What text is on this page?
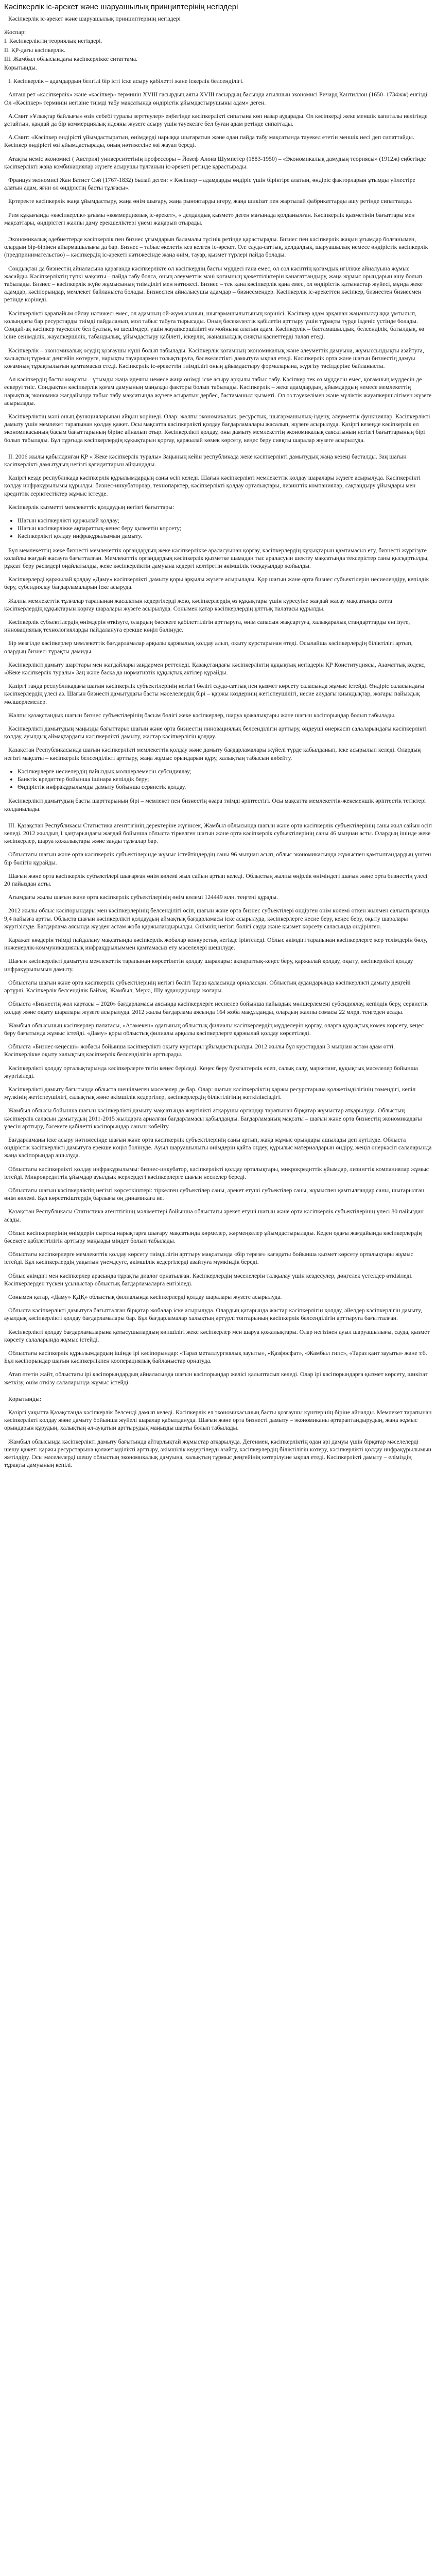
Кәсіпкерлік іс-әрекет және шаруашылық принциптерінің негіздері
Кәсіпкерлік іс-әрекет және шаруашылық принциптерінің негіздері
Жоспар:
I. Кәсіпкерліктің теориялық негіздері.
II. ҚР-дағы кәсіпкерлік.
III. Жамбыл облысындағы кәсіпкерлікке ситаттама.
Қорытынды.
I. Кәсіпкерлік – адамдардың белгілі бір істі іске асыру қабілетті және іскерлік белсенділігі.
Алғаш рет «кәсіпкерлік» және «кәсіпкер» терминін XVIII ғасырдың аяғы XVIII ғасырдың басында ағылшын экономисі Ричард Кантиллон (1650–1734жж) енгізді. Ол «Кәсіпкер» терминін негізіне тиімді табу мақсатында өндірістік ұйымдастырушыны адам» деген.
А.Смит «Ұлықтар байлығы» өзін себебі туралы зерттеулер» еңбегінде кәсіпкерлікті сипатына көп назар аударады. Ол кәсіпкерді жеке меншік капиталы иелігінде ұстайтын, қандай да бір коммерциялық идеяны жүзеге асыру үшін тәуекелге бел буған адам ретінде сипаттады.
А.Смит: «Кәсіпкер өндірісті ұйымдастыратын, өнімдерді нарыққа шығаратын және одан пайда табу мақсатында тәуекел ететін меншік иесі деп сипаттайды. Кәсіпкер өндірісті өзі ұйымдастырады, оның нәтижесіне өзі жауап береді.
Атақты неміс экономисі ( Австрия) университетінің профессоры – Йозеф Алоиз Шумпетер (1883-1950) – «Экономикалық дамудың теориясы» (1912ж) еңбегінде кәсіпкерлікті жаңа комбинациялар жүзеге асырушы тұлғаның іс-әрекеті ретінде қарастырады.
Француз экономисі Жан Батист Сэй (1767-1832) былай деген: « Кәсіпкер – адамдарды өндіріс үшін біріктіре алатын, өндіріс факторларын ұтымды үйлестіре алатын адам, яғни ол өндірістің басты тұлғасы».
Ертеректе кәсіпкерлік жаңа ұйымдастыру, жаңа өнім шығару, жаңа рыноктарды игеру, жаңа шикізат пен жартылай фабрикаттарды ашу ретінде сипатталды.
Рим құқығында «кәсіпкерлік» ұғымы «коммерциялық іс-әрекет», « делдалдық қызмет» деген мағынада қолданылған. Кәсіпкерлік қызметінің бағыттары мен мақсаттары, өндірістегі жалпы даму ерекшеліктері үнемі жаңарып отырады.
Экономикалық әдебиеттерде кәсіпкерлік пен бизнес ұғымдарын баламалы түсінік ретінде қарастырады. Бизнес пен кәсіпкерлік жақын ұғымдар болғанымен, олардың бір-бірінен айырмашылығы да бар. Бизнес – табыс әкелетін кез келген іс-әрекет. Ол: сауда-саттық, делдалдық, шаруашылық немесе өндірістік кәсіпкерлік (предпринимательство) – кәсіпкердің іс-әрекеті нәтижесінде жаңа өнім, тауар, қызмет түрлері пайда болады.
Сондықтан да бизнестің айналасына қарағанда кәсіпкерлікте ол кәсіпкердің басты мүддесі ғана емес, ол сол кәсіптің қоғамдық игілікке айналуына жұмыс жасайды. Кәсіпкерліктің түпкі мақсаты – пайда табу болса, оның әлеуметтік мәні қоғамның қажеттіліктерін қанағаттандыру, жаңа жұмыс орындарын ашу болып табылады. Бизнес – кәсіпкерлік жүйе жұмысының тиімділігі мен нәтижесі. Бизнес – тек қана кәсіпкерлік қана емес, ол өндірістік қатынастар жүйесі, мұнда жеке адамдар, кәсіпорындар, мемлекет байланыста болады. Бизнеспен айналысушы адамдар – бизнесмендер. Кәсіпкерлік іс-әрекеттен кәсіпкер, бизнестен бизнесмен ретінде көрінеді.
Кәсіпкерлікті қарапайым ойлау нәтижесі емес, ол адамның ой-жұмысының, шығармашылығының көрінісі. Кәсіпкер адам әрқашан жаңашылдыққа ұмтылып, қолындағы бар ресурстарды тиімді пайдаланып, мол табыс табуға тырысады. Оның бәсекелестік қабілетін арттыру үшін тұрақты түрде ізденіс үстінде болады. Сондай-ақ кәсіпкер тәуекелге бел буатын, өз шешімдері үшін жауапкершілікті өз мойнына алатын адам. Кәсіпкерлік – бастамашылдық, белсенділік, батылдық, өз ісіне сенімділік, жауапкершілік, табандылық, ұйымдастыру қабілеті, іскерлік, жаңашылдық сияқты қасиеттерді талап етеді.
Кәсіпкерлік – экономикалық өсудің қозғаушы күші болып табылады. Кәсіпкерлік қоғамның экономикалық және әлеуметтік дамуына, жұмыссыздықты азайтуға, халықтың тұрмыс деңгейін көтеруге, нарықты тауарлармен толықтыруға, бәсекелестікті дамытуға ықпал етеді. Кәсіпкерлік орта және шағын бизнестің дамуы қоғамның тұрақтылығын қамтамасыз етеді. Кәсіпкерлік іс-әрекеттің тиімділігі оның ұйымдастыру формаларына, жүргізу тәсілдеріне байланысты.
Ал кәсіпкердің басты мақсаты – ұтымды жаңа идеяны немесе жаңа өнімді іске асыру арқылы табыс табу. Кәсіпкер тек өз мүддесін емес, қоғамның мүддесін де ескеруі тиіс. Сондықтан кәсіпкерлік қоғам дамуының маңызды факторы болып табылады. Кәсіпкерлік – жеке адамдардың, ұйымдардың немесе мемлекеттің нарықтық экономика жағдайында табыс табу мақсатында жүзеге асыратын дербес, бастамашыл қызметі. Ол өз тәуекелімен және мүліктік жауапкершілігімен жүзеге асырылады.
Кәсіпкерліктің мәні оның функцияларынан айқын көрінеді. Олар: жалпы экономикалық, ресурстық, шығармашылық-іздену, әлеуметтік функциялар. Кәсіпкерлікті дамыту үшін мемлекет тарапынан қолдау қажет. Осы мақсатта кәсіпкерлікті қолдау бағдарламалары жасалып, жүзеге асырылуда. Қазіргі кезеңде кәсіпкерлік ел экономикасының басым бағыттарының біріне айналып отыр. Кәсіпкерлікті қолдау, оны дамыту мемлекеттің экономикалық саясатының негізгі бағыттарының бірі болып табылады. Бұл тұрғыда кәсіпкерлердің құқықтарын қорғау, қаржылай көмек көрсету, кеңес беру сияқты шаралар жүзеге асырылуда.
II. 2006 жылы қабылданған ҚР « Жеке кәсіпкерлік туралы» Заңының кейін республикада жеке кәсіпкерлікті дамытудың жаңа кезеңі басталды. Заң шағын кәсіпкерлікті дамытудың негізгі қағидаттарын айқындады.
Қазіргі кезде республикада кәсіпкерлік құрылымдардың саны өсіп келеді. Шағын кәсіпкерлікті мемлекеттік қолдау шаралары жүзеге асырылуда. Кәсіпкерлікті қолдау инфрақұрылымы құрылды: бизнес-инкубаторлар, технопарктер, кәсіпкерлікті қолдау орталықтары, лизингтік компаниялар, сақтандыру ұйымдары мен кредиттік серіктестіктер жұмыс істеуде.
Кәсіпкерлік қызметті мемлекеттік қолдаудың негізгі бағыттары:
• Шағын кәсіпкерлікті қаржылай қолдау;
• Шағын кәсіпкерлікке ақпараттық-кеңес беру қызметін көрсету;
• Кәсіпкерлікті қолдау инфрақұрылымын дамыту.
Бұл мемлекеттің жеке бизнесті мемлекеттік органдардың жеке кәсіпкерлікке араласуынан қорғау, кәсіпкерлердің құқықтарын қамтамасыз ету, бизнесті жүргізуге қолайлы жағдай жасауға бағытталған. Мемлекеттік органдардың кәсіпкерлік қызметке шамадан тыс араласуын шектеу мақсатында тексерістер саны қысқартылды, рұқсат беру рәсімдері оңайлатылды, жеке кәсіпкерліктің дамуына кедергі келтіретін әкімшілік тосқауылдар жойылды.
Кәсіпкерлерді қаржылай қолдау «Даму» кәсіпкерлікті дамыту қоры арқылы жүзеге асырылады. Қор шағын және орта бизнес субъектілерін несиелендіру, кепілдік беру, субсидиялау бағдарламаларын іске асыруда.
Жалпы мемлекеттік тұлғалар тарапынан жасалатын кедергілерді жою, кәсіпкерлердің өз құқықтары үшін күресуіне жағдай жасау мақсатында сотта кәсіпкерлердің құқықтарын қорғау шаралары жүзеге асырылуда. Сонымен қатар кәсіпкерлердің ұлттық палатасы құрылды.
Кәсіпкерлік субъектілердің өнімдерін өткізуге, олардың бәсекеге қабілеттілігін арттыруға, өнім сапасын жақсартуға, халықаралық стандарттарды енгізуге, инновациялық технологияларды пайдалануға ерекше көңіл бөлінуде.
Бір мезгілде кәсіпкерлер мемлекеттік бағдарламалар арқылы қаржылық қолдау алып, оқыту курстарынан өтеді. Осылайша кәсіпкерлердің біліктілігі артып, олардың бизнесі тұрақты дамиды.
Кәсіпкерлікті дамыту шарттары мен жағдайлары заңдармен реттеледі. Қазақстандағы кәсіпкерліктің құқықтық негіздерін ҚР Конституциясы, Азаматтық кодекс, «Жеке кәсіпкерлік туралы» Заң және басқа да нормативтік құқықтық актілер құрайды.
Қазіргі таңда республикадағы шағын кәсіпкерлік субъектілерінің негізгі бөлігі сауда-саттық пен қызмет көрсету саласында жұмыс істейді. Өндіріс саласындағы кәсіпкерлердің үлесі аз. Шағын бизнесті дамытудағы басты мәселелердің бірі – қаржы көздерінің жетіспеушілігі, несие алудағы қиындықтар, жоғары пайыздық мөлшерлемелер.
Жалпы қазақстандық шағын бизнес субъектілерінің басым бөлігі жеке кәсіпкерлер, шаруа қожалықтары және шағын кәсіпорындар болып табылады.
Кәсіпкерлікті дамытудың маңызды бағыттары: шағын және орта бизнестің инновациялық белсенділігін арттыру, өңдеуші өнеркәсіп салаларындағы кәсіпкерлікті қолдау, ауылдық аймақтардағы кәсіпкерлікті дамыту, жастар кәсіпкерлігін қолдау.
Қазақстан Республикасында шағын кәсіпкерлікті мемлекеттік қолдау және дамыту бағдарламалары жүйелі түрде қабылданып, іске асырылып келеді. Олардың негізгі мақсаты – кәсіпкерлік белсенділікті арттыру, жаңа жұмыс орындарын құру, халықтың табысын көбейту.
• Кәсіпкерлерге несиелердің пайыздық мөлшерлемесін субсидиялау;
• Банктік кредиттер бойынша ішінара кепілдік беру;
• Өндірістік инфрақұрылымды дамыту бойынша сервистік қолдау.
Кәсіпкерлікті дамытудың басты шарттарының бірі – мемлекет пен бизнестің өзара тиімді әріптестігі. Осы мақсатта мемлекеттік-жекеменшік әріптестік тетіктері қолданылады.
III. Қазақстан Республикасы Статистика агенттігінің деректеріне жүгінсек, Жамбыл облысында шағын және орта кәсіпкерлік субъектілерінің саны жыл сайын өсіп келеді. 2012 жылдың 1 қаңтарындағы жағдай бойынша облыста тіркелген шағын және орта кәсіпкерлік субъектілерінің саны 46 мыңнан асты. Олардың ішінде жеке кәсіпкерлер, шаруа қожалықтары және заңды тұлғалар бар.
Облыстағы шағын және орта кәсіпкерлік субъектілерінде жұмыс істейтіндердің саны 96 мыңнан асып, облыс экономикасында жұмыспен қамтылғандардың үштен бір бөлігін құрайды.
Шағын және орта кәсіпкерлік субъектілері шығарған өнім көлемі жыл сайын артып келеді. Облыстың жалпы өңірлік өніміндегі шағын және орта бизнестің үлесі 20 пайыздан асты.
Ағымдағы жылы шағын және орта кәсіпкерлік субъектілерінің өнім көлемі 124449 млн. теңгені құрады.
2012 жылы облыс кәсіпорындары мен кәсіпкерлерінің белсенділігі өсіп, шағын және орта бизнес субъектілері өндірген өнім көлемі өткен жылмен салыстырғанда 9,4 пайызға артты. Облыста шағын кәсіпкерлікті қолдаудың аймақтық бағдарламасы іске асырылуда, кәсіпкерлерге несие беру, кеңес беру, оқыту шаралары жүргізілуде. Бағдарлама аясында жүзден астам жоба қаржыландырылды. Өнімнің негізгі бөлігі сауда және қызмет көрсету саласында өндірілген.
Қаражат көздерін тиімді пайдалану мақсатында кәсіпкерлік жобалар конкурстық негізде іріктеледі. Облыс әкімдігі тарапынан кәсіпкерлерге жер телімдерін бөлу, инженерлік-коммуникациялық инфрақұрылыммен қамтамасыз ету мәселелері шешілуде.
Шағын кәсіпкерлікті дамытуға мемлекеттік тарапынан көрсетілетін қолдау шаралары: ақпараттық-кеңес беру, қаржылай қолдау, оқыту, кәсіпкерлікті қолдау инфрақұрылымын дамыту.
Облыстағы шағын және орта кәсіпкерлік субъектілерінің негізгі бөлігі Тараз қаласында орналасқан. Облыстың аудандарында кәсіпкерлікті дамыту деңгейі әртүрлі. Кәсіпкерлік белсенділік Байзақ, Жамбыл, Меркі, Шу аудандарында жоғары.
Облыста «Бизнестің жол картасы – 2020» бағдарламасы аясында кәсіпкерлерге несиелер бойынша пайыздық мөлшерлемені субсидиялау, кепілдік беру, сервистік қолдау және оқыту шаралары жүзеге асырылуда. 2012 жылы бағдарлама аясында 164 жоба мақұлданды, олардың жалпы сомасы 22 млрд. теңгеден асады.
Жамбыл облысының кәсіпкерлер палатасы, «Атамекен» одағының облыстық филиалы кәсіпкерлердің мүдделерін қорғау, оларға құқықтық көмек көрсету, кеңес беру бағытында жұмыс істейді. «Даму» қоры облыстық филиалы арқылы кәсіпкерлерге қаржылай қолдау көрсетіледі.
Облыста «Бизнес-кеңесші» жобасы бойынша кәсіпкерлікті оқыту курстары ұйымдастырылды. 2012 жылы бұл курстардан 3 мыңнан астам адам өтті. Кәсіпкерлікке оқыту халықтың кәсіпкерлік белсенділігін арттырады.
Кәсіпкерлікті қолдау орталықтарында кәсіпкерлерге тегін кеңес беріледі. Кеңес беру бухгалтерлік есеп, салық салу, маркетинг, құқықтық мәселелер бойынша жүргізіледі.
Кәсіпкерлікті дамыту бағытында облыста шешілмеген мәселелер де бар. Олар: шағын кәсіпкерліктің қаржы ресурстарына қолжетімділігінің төмендігі, кепіл мүлкінің жетіспеушілігі, салықтық және әкімшілік кедергілер, кәсіпкерлердің біліктілігінің жеткіліксіздігі.
Жамбыл облысы бойынша шағын кәсіпкерлікті дамыту мақсатында жергілікті атқарушы органдар тарапынан бірқатар жұмыстар атқарылуда. Облыстың кәсіпкерлік саласын дамытудың 2011-2015 жылдарға арналған бағдарламасы қабылданды. Бағдарламаның мақсаты – шағын және орта бизнестің экономикадағы үлесін арттыру, бәсекеге қабілетті кәсіпорындар санын көбейту.
Бағдарламаны іске асыру нәтижесінде шағын және орта кәсіпкерлік субъектілерінің саны артып, жаңа жұмыс орындары ашылады деп күтілуде. Облыста өндірістік кәсіпкерлікті дамытуға ерекше көңіл бөлінуде. Ауыл шаруашылығы өнімдерін қайта өңдеу, құрылыс материалдарын өндіру, жеңіл өнеркәсіп салаларында жаңа кәсіпорындар ашылуда.
Облыстағы кәсіпкерлікті қолдау инфрақұрылымы: бизнес-инкубатор, кәсіпкерлікті қолдау орталықтары, микрокредиттік ұйымдар, лизингтік компаниялар жұмыс істейді. Микрокредиттік ұйымдар ауылдық жерлердегі кәсіпкерлерге шағын несиелер береді.
Облыстағы шағын кәсіпкерліктің негізгі көрсеткіштері: тіркелген субъектілер саны, әрекет етуші субъектілер саны, жұмыспен қамтылғандар саны, шығарылған өнім көлемі. Бұл көрсеткіштердің барлығы оң динамикаға ие.
Қазақстан Республикасы Статистика агенттігінің мәліметтері бойынша облыстағы әрекет етуші шағын және орта кәсіпкерлік субъектілерінің үлесі 80 пайыздан асады.
Облыс кәсіпкерлерінің өнімдерін сыртқы нарықтарға шығару мақсатында көрмелер, жәрмеңкелер ұйымдастырылады. Кеден одағы жағдайында кәсіпкерлердің бәсекеге қабілеттілігін арттыру маңызды міндет болып табылады.
Облыстағы кәсіпкерлерге мемлекеттік қолдау көрсету тиімділігін арттыру мақсатында «бір терезе» қағидаты бойынша қызмет көрсету орталықтары жұмыс істейді. Бұл кәсіпкерлердің уақытын үнемдеуге, әкімшілік кедергілерді азайтуға мүмкіндік береді.
Облыс әкімдігі мен кәсіпкерлер арасында тұрақты диалог орнатылған. Кәсіпкерлердің мәселелерін талқылау үшін кездесулер, дөңгелек үстелдер өткізіледі. Кәсіпкерлерден түскен ұсыныстар облыстық бағдарламаларға енгізіледі.
Сонымен қатар, «Даму» ҚДҚ» облыстық филиалында кәсіпкерлерді қолдау шаралары жүзеге асырылуда.
Облыста кәсіпкерлікті дамытуға бағытталған бірқатар жобалар іске асырылуда. Олардың қатарында жастар кәсіпкерлігін қолдау, әйелдер кәсіпкерлігін дамыту, ауылдық кәсіпкерлікті қолдау бағдарламалары бар. Бұл бағдарламалар халықтың әртүрлі топтарының кәсіпкерлік белсенділігін арттыруға бағытталған.
Кәсіпкерлікті қолдау бағдарламаларына қатысушылардың көпшілігі жеке кәсіпкерлер мен шаруа қожалықтары. Олар негізінен ауыл шаруашылығы, сауда, қызмет көрсету салаларында жұмыс істейді.
Облыстағы кәсіпкерлік құрылымдардың ішінде ірі кәсіпорындар: «Тараз металлургиялық зауыты», «Қазфосфат», «Жамбыл гипс», «Тараз қант зауыты» және т.б. Бұл кәсіпорындар шағын кәсіпкерлікпен кооперациялық байланыстар орнатуда.
Атап өтетін жайт, облыстағы ірі кәсіпорындардың айналасында шағын кәсіпорындар желісі қалыптасып келеді. Олар ірі кәсіпорындарға қызмет көрсету, шикізат жеткізу, өнім өткізу салаларында жұмыс істейді.
Қорытынды:
Қазіргі уақытта Қазақстанда кәсіпкерлік белсенді дамып келеді. Кәсіпкерлік ел экономикасының басты қозғаушы күштерінің біріне айналды. Мемлекет тарапынан кәсіпкерлікті қолдау және дамыту бойынша жүйелі шаралар қабылдануда. Шағын және орта бизнесті дамыту – экономиканы әртараптандырудың, жаңа жұмыс орындарын құрудың, халықтың әл-ауқатын арттырудың маңызды шарты болып табылады.
Жамбыл облысында кәсіпкерлікті дамыту бағытында айтарлықтай жұмыстар атқарылуда. Дегенмен, кәсіпкерліктің одан әрі дамуы үшін бірқатар мәселелерді шешу қажет: қаржы ресурстарына қолжетімділікті арттыру, әкімшілік кедергілерді азайту, кәсіпкерлердің біліктілігін көтеру, кәсіпкерлікті қолдау инфрақұрылымын жетілдіру. Осы мәселелерді шешу облыстың экономикалық дамуына, халықтың тұрмыс деңгейінің көтерілуіне ықпал етеді. Кәсіпкерлікті дамыту – еліміздің тұрақты дамуының кепілі.
